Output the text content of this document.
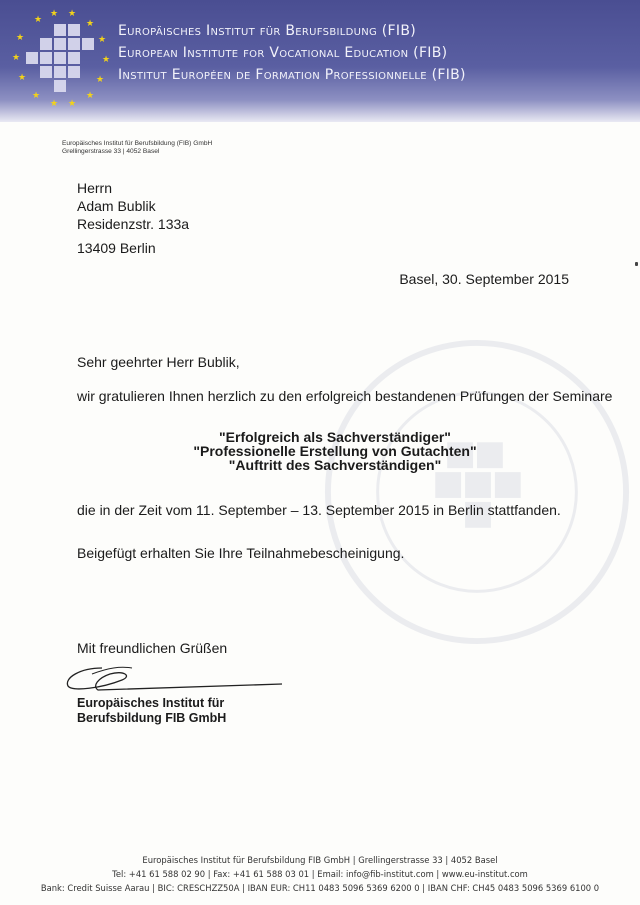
★
★ ★
★
★
★
★
★
★
★
★
★
★
★	Europäisches Institut für Berufsbildung (FIB)
European Institute for Vocational Education (FIB)
Institut Européen de Formation Professionnelle (FIB)
Europäisches Institut für Berufsbildung (FIB) GmbH
Grellingerstrasse 33 | 4052 Basel
Herrn
Adam Bublik
Residenzstr. 133a
13409 Berlin
Basel, 30. September 2015
Sehr geehrter Herr Bublik,
wir gratulieren Ihnen herzlich zu den erfolgreich bestandenen Prüfungen der Seminare
"Erfolgreich als Sachverständiger"
"Professionelle Erstellung von Gutachten"
"Auftritt des Sachverständigen"
die in der Zeit vom 11. September – 13. September 2015 in Berlin stattfanden.
Beigefügt erhalten Sie Ihre Teilnahmebescheinigung.
Mit freundlichen Grüßen
Europäisches Institut für
Berufsbildung FIB GmbH
Europäisches Institut für Berufsbildung FIB GmbH | Grellingerstrasse 33 | 4052 Basel
Tel: +41 61 588 02 90 | Fax: +41 61 588 03 01 | Email: info@fib-institut.com | www.eu-institut.com
Bank: Credit Suisse Aarau | BIC: CRESCHZZ50A | IBAN EUR: CH11 0483 5096 5369 6200 0 | IBAN CHF: CH45 0483 5096 5369 6100 0
